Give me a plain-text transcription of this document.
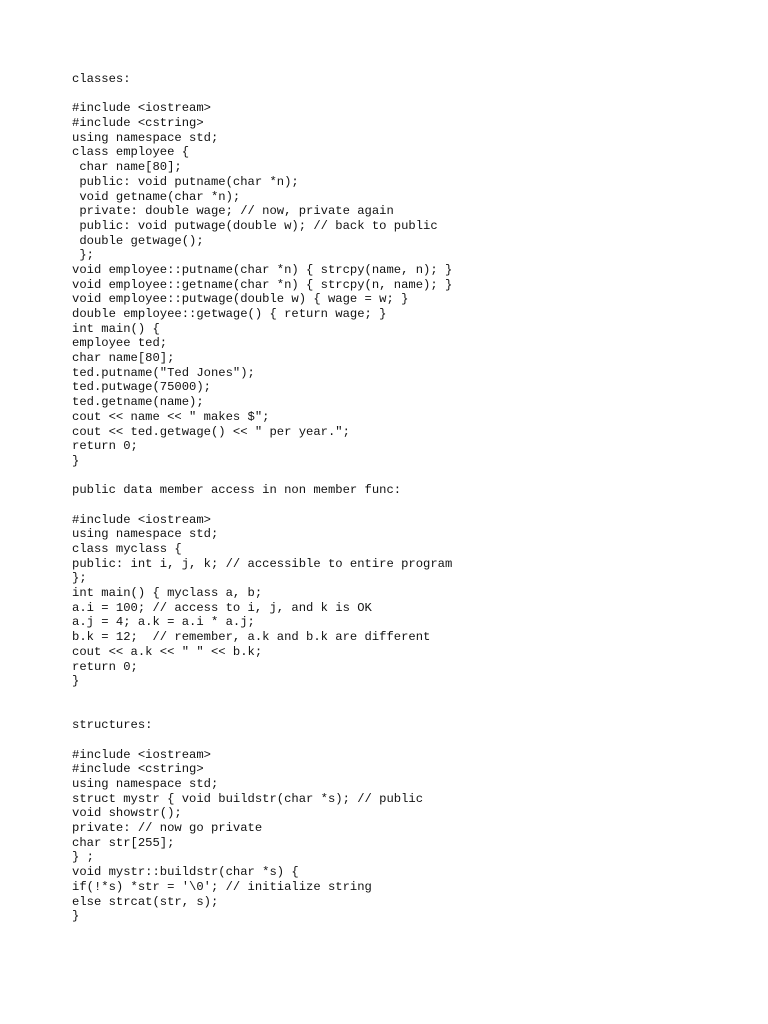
classes:
#include <iostream>
#include <cstring>
using namespace std;
class employee {
char name[80];
public: void putname(char *n);
void getname(char *n);
private: double wage; // now, private again
public: void putwage(double w); // back to public
double getwage();
};
void employee::putname(char *n) { strcpy(name, n); }
void employee::getname(char *n) { strcpy(n, name); }
void employee::putwage(double w) { wage = w; }
double employee::getwage() { return wage; }
int main() {
employee ted;
char name[80];
ted.putname("Ted Jones");
ted.putwage(75000);
ted.getname(name);
cout << name << " makes $";
cout << ted.getwage() << " per year.";
return 0;
}
public data member access in non member func:
#include <iostream>
using namespace std;
class myclass {
public: int i, j, k; // accessible to entire program
};
int main() { myclass a, b;
a.i = 100; // access to i, j, and k is OK
a.j = 4; a.k = a.i * a.j;
b.k = 12;  // remember, a.k and b.k are different
cout << a.k << " " << b.k;
return 0;
}
structures:
#include <iostream>
#include <cstring>
using namespace std;
struct mystr { void buildstr(char *s); // public
void showstr();
private: // now go private
char str[255];
} ;
void mystr::buildstr(char *s) {
if(!*s) *str = '\0'; // initialize string
else strcat(str, s);
}
